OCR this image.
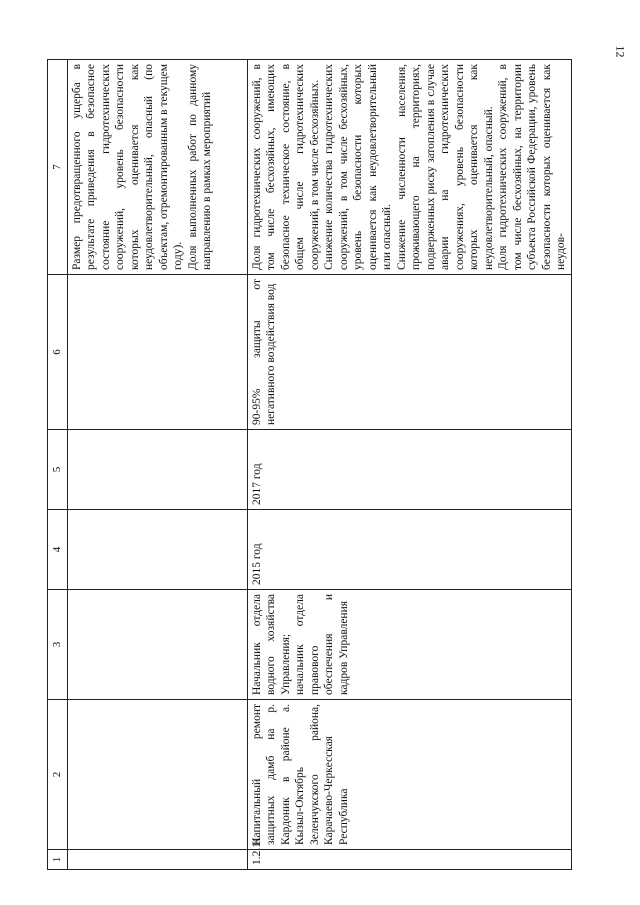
12
1	2	3	4	5	6	7
						Размер предотвращенного ущерба в результате приведения в безопасное состояние гидротехнических сооружений, уровень безопасности которых оценивается как неудовлетворительный, опасный (по объектам, отремонтированным в текущем году).
Доля выполненных работ по данному направлению в рамках мероприятий
1.2.11	Капитальный ремонт защитных дамб на р. Кардоник в районе а. Кызыл-Октябрь Зеленчукского района, Карачаево-Черкесская Республика	Начальник отдела водного хозяйства Управления; начальник отдела правового обеспечения и кадров Управления	2015 год	2017 год	90-95% защиты от негативного воздействия вод	Доля гидротехнических сооружений, в том числе бесхозяйных, имеющих безопасное техническое состояние, в общем числе гидротехнических сооружений, в том числе бесхозяйных.
Снижение количества гидротехнических сооружений, в том числе бесхозяйных, уровень безопасности которых оценивается как неудовлетворительный или опасный.
Снижение численности населения, проживающего на территориях, подверженных риску затопления в случае аварии на гидротехнических сооружениях, уровень безопасности которых оценивается как неудовлетворительный, опасный.
Доля гидротехнических сооружений, в том числе бесхозяйных, на территории субъекта Российской Федерации, уровень безопасности которых оценивается как неудов-
